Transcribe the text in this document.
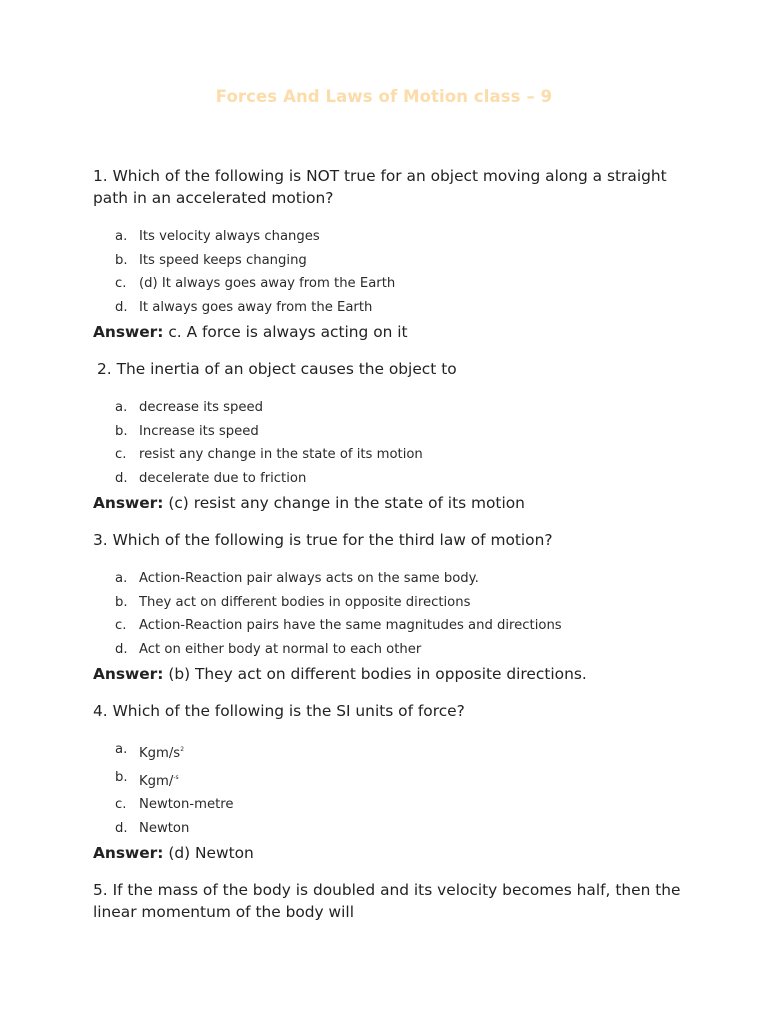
Forces And Laws of Motion class – 9

1. Which of the following is NOT true for an object moving along a straight path in an accelerated motion?

a. Its velocity always changes
b. Its speed keeps changing
c. (d) It always goes away from the Earth
d. It always goes away from the Earth

Answer: c. A force is always acting on it

2. The inertia of an object causes the object to

a. decrease its speed
b. Increase its speed
c. resist any change in the state of its motion
d. decelerate due to friction

Answer: (c) resist any change in the state of its motion

3. Which of the following is true for the third law of motion?

a. Action-Reaction pair always acts on the same body.
b. They act on different bodies in opposite directions
c. Action-Reaction pairs have the same magnitudes and directions
d. Act on either body at normal to each other

Answer: (b) They act on different bodies in opposite directions.

4. Which of the following is the SI units of force?

a. Kgm/$s^2$
b. Kgm/$^{-s}$
c. Newton-metre
d. Newton

Answer: (d) Newton

5. If the mass of the body is doubled and its velocity becomes half, then the linear momentum of the body will
